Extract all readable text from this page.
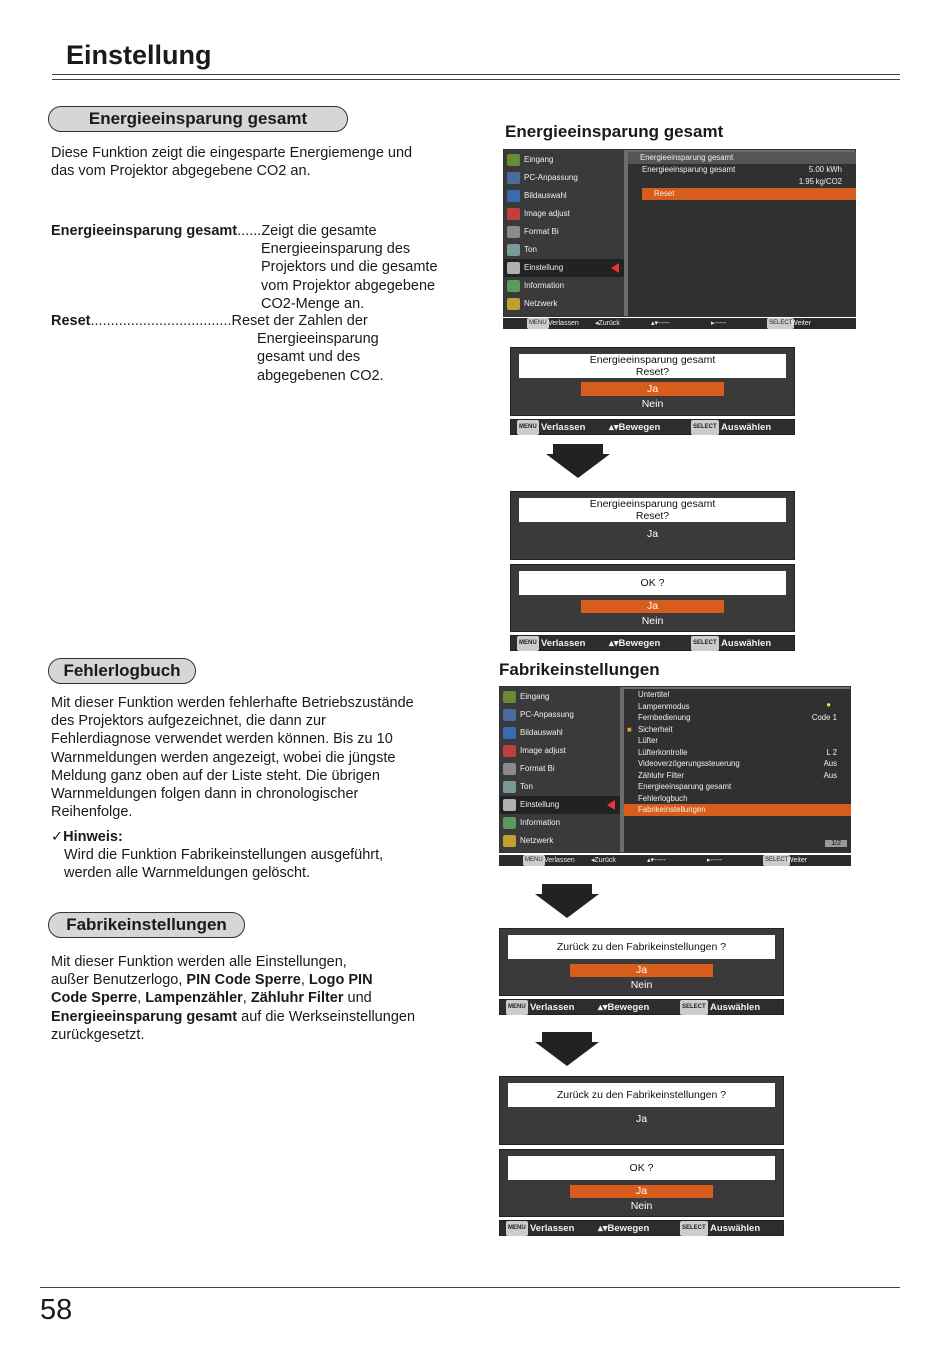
Einstellung
Energieeinsparung gesamt
Diese Funktion zeigt die eingesparte Energiemenge und
das vom Projektor abgegebene CO2 an.
Energieeinsparung gesamt......Zeigt die gesamte
Energieeinsparung des
Projektors und die gesamte
vom Projektor abgegebene
CO2-Menge an.
Reset...................................Reset der Zahlen der
Energieeinsparung
gesamt und des
abgegebenen CO2.
Fehlerlogbuch
Mit dieser Funktion werden fehlerhafte Betriebszustände
des Projektors aufgezeichnet, die dann zur
Fehlerdiagnose verwendet werden können. Bis zu 10
Warnmeldungen werden angezeigt, wobei die jüngste
Meldung ganz oben auf der Liste steht. Die übrigen
Warnmeldungen folgen dann in chronologischer
Reihenfolge.
✓Hinweis:
Wird die Funktion Fabrikeinstellungen ausgeführt,
werden alle Warnmeldungen gelöscht.
Fabrikeinstellungen
Mit dieser Funktion werden alle Einstellungen,
außer Benutzerlogo, PIN Code Sperre, Logo PIN
Code Sperre, Lampenzähler, Zähluhr Filter und
Energieeinsparung gesamt auf die Werkseinstellungen
zurückgesetzt.
Energieeinsparung gesamt
Eingang
PC-Anpassung
Bildauswahl
Image adjust
Format Bi
Ton
Einstellung
Information
Netzwerk
Energieeinsparung gesamt
Energieeinsparung gesamt	5.00 kWh
1.95 kg/CO2
Reset
MENU Verlassen ◂Zurück	▴▾-----	▸-----	SELECT
Weiter
Energieeinsparung gesamt
Reset?
Ja
Nein
MENU Verlassen ▴▾Bewegen	SELECT Auswählen
Energieeinsparung gesamt
Reset?
Ja
OK ?
Ja
Nein
MENU Verlassen ▴▾Bewegen	SELECT Auswählen
Fabrikeinstellungen
Eingang
PC-Anpassung
Bildauswahl
Image adjust
Format Bi
Ton
Einstellung
Information
Netzwerk
Untertitel
Lampenmodus	●
Fernbedienung	Code 1
■ Sicherheit
Lüfter
Lüfterkontrolle	L 2
Videoverzögerungssteuerung	Aus
Zähluhr Filter	Aus
Energieeinsparung gesamt
Fehlerlogbuch
Fabrikeinstellungen
1/2
MENU Verlassen ◂Zurück	▴▾-----	▸-----	SELECT
Weiter
Zurück zu den Fabrikeinstellungen ?
Ja
Nein
MENU Verlassen ▴▾Bewegen	SELECT Auswählen
Zurück zu den Fabrikeinstellungen ?
Ja
OK ?
Ja
Nein
MENU Verlassen ▴▾Bewegen	SELECT Auswählen
58
